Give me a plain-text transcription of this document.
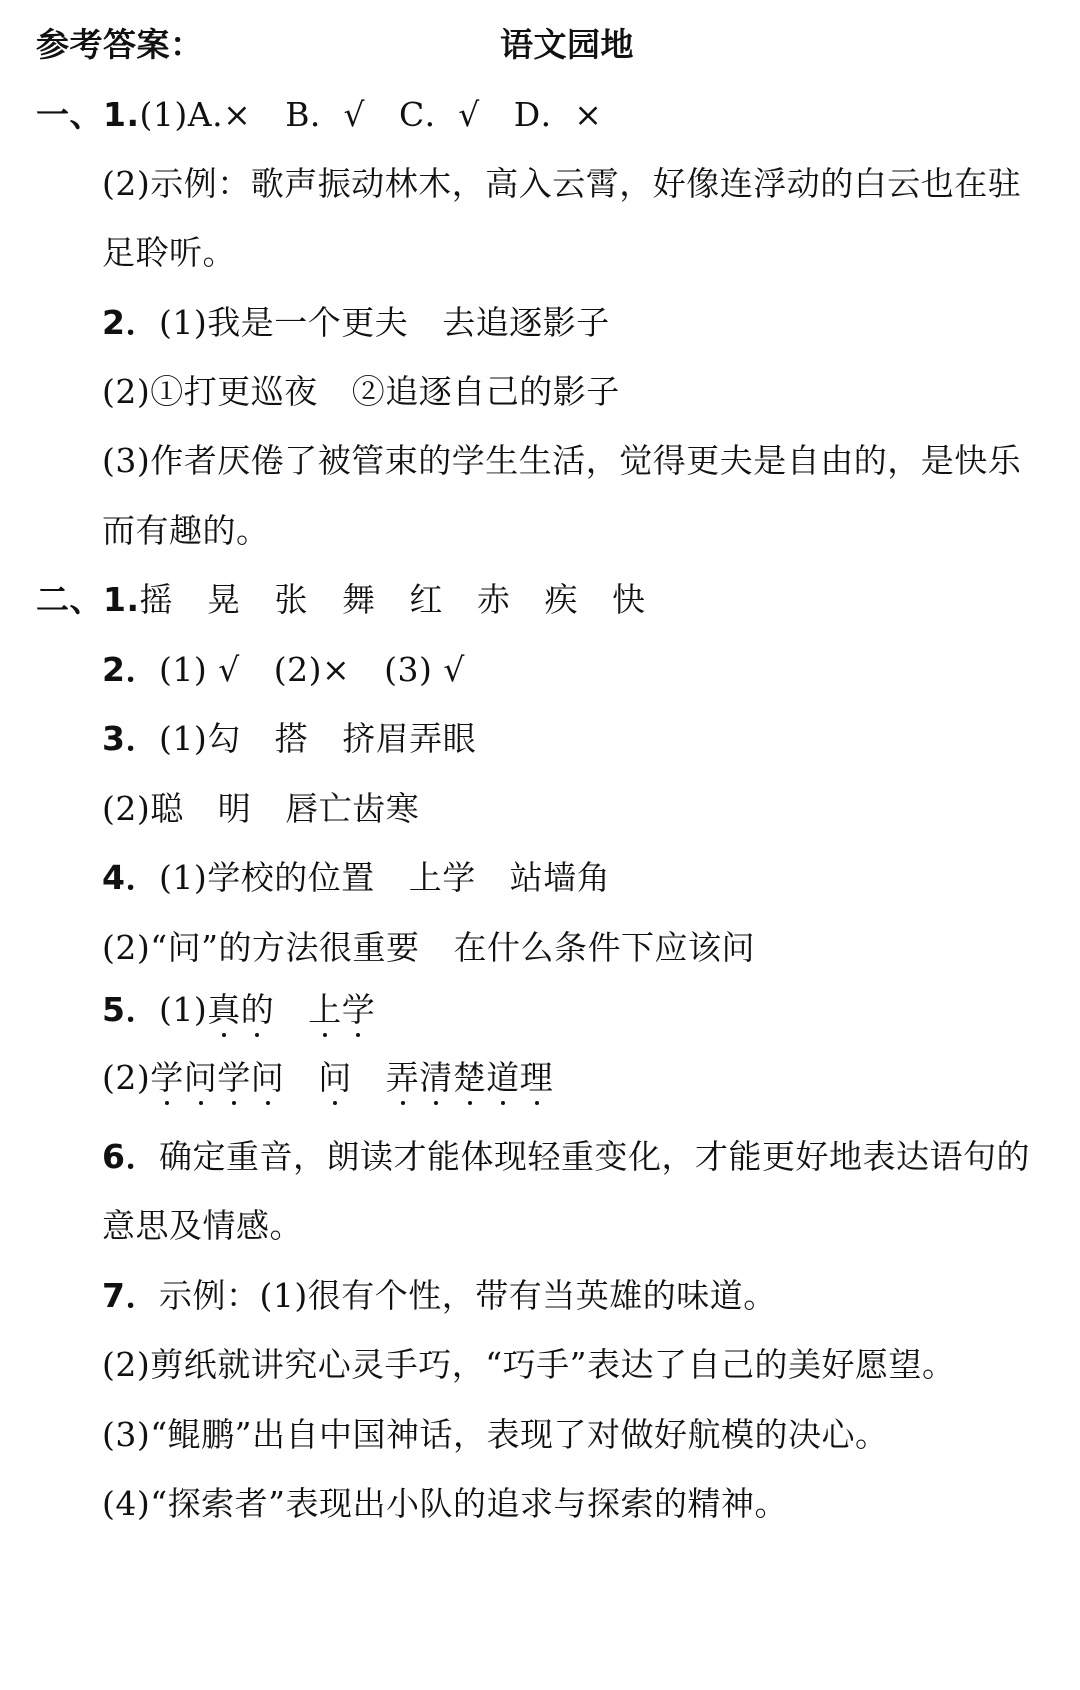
参考答案：	语文园地
一、1.(1)A.× B．√ C．√ D．×
(2)示例：歌声振动林木，高入云霄，好像连浮动的白云也在驻
足聆听。
2．(1)我是一个更夫 去追逐影子
(2)①打更巡夜 ②追逐自己的影子
(3)作者厌倦了被管束的学生生活，觉得更夫是自由的，是快乐
而有趣的。
二、1.摇 晃 张 舞 红 赤 疾 快
2．(1) √ (2)× (3) √
3．(1)勾 搭 挤眉弄眼
(2)聪 明 唇亡齿寒
4．(1)学校的位置 上学 站墙角
(2)“问”的方法很重要 在什么条件下应该问
5．(1)真的 上学
(2)学问学问 问 弄清楚道理
6．确定重音，朗读才能体现轻重变化，才能更好地表达语句的
意思及情感。
7．示例：(1)很有个性，带有当英雄的味道。
(2)剪纸就讲究心灵手巧，“巧手”表达了自己的美好愿望。
(3)“鲲鹏”出自中国神话，表现了对做好航模的决心。
(4)“探索者”表现出小队的追求与探索的精神。
